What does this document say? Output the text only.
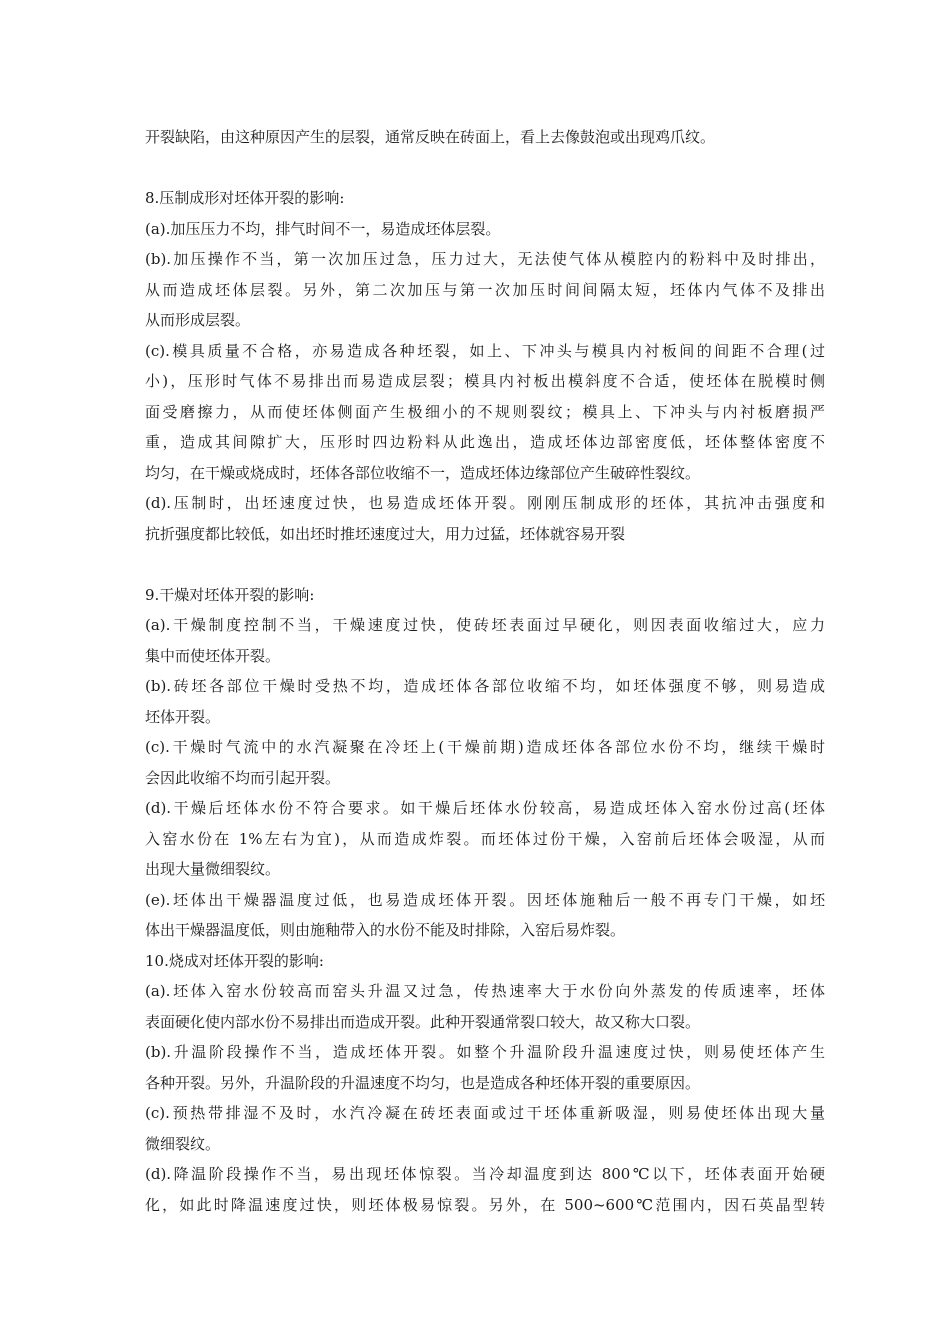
开裂缺陷，由这种原因产生的层裂，通常反映在砖面上，看上去像鼓泡或出现鸡爪纹。
8.压制成形对坯体开裂的影响:
(a).加压压力不均，排气时间不一，易造成坯体层裂。
(b).加压操作不当，第一次加压过急，压力过大，无法使气体从模腔内的粉料中及时排出，
从而造成坯体层裂。另外，第二次加压与第一次加压时间间隔太短，坯体内气体不及排出
从而形成层裂。
(c).模具质量不合格，亦易造成各种坯裂，如上、下冲头与模具内衬板间的间距不合理(过
小)，压形时气体不易排出而易造成层裂；模具内衬板出模斜度不合适，使坯体在脱模时侧
面受磨擦力，从而使坯体侧面产生极细小的不规则裂纹；模具上、下冲头与内衬板磨损严
重，造成其间隙扩大，压形时四边粉料从此逸出，造成坯体边部密度低，坯体整体密度不
均匀，在干燥或烧成时，坯体各部位收缩不一，造成坯体边缘部位产生破碎性裂纹。
(d).压制时，出坯速度过快，也易造成坯体开裂。刚刚压制成形的坯体，其抗冲击强度和
抗折强度都比较低，如出坯时推坯速度过大，用力过猛，坯体就容易开裂
9.干燥对坯体开裂的影响:
(a).干燥制度控制不当，干燥速度过快，使砖坯表面过早硬化，则因表面收缩过大，应力
集中而使坯体开裂。
(b).砖坯各部位干燥时受热不均，造成坯体各部位收缩不均，如坯体强度不够，则易造成
坯体开裂。
(c).干燥时气流中的水汽凝聚在冷坯上(干燥前期)造成坯体各部位水份不均，继续干燥时
会因此收缩不均而引起开裂。
(d).干燥后坯体水份不符合要求。如干燥后坯体水份较高，易造成坯体入窑水份过高(坯体
入窑水份在 1%左右为宜)，从而造成炸裂。而坯体过份干燥，入窑前后坯体会吸湿，从而
出现大量微细裂纹。
(e).坯体出干燥器温度过低，也易造成坯体开裂。因坯体施釉后一般不再专门干燥，如坯
体出干燥器温度低，则由施釉带入的水份不能及时排除，入窑后易炸裂。
10.烧成对坯体开裂的影响:
(a).坯体入窑水份较高而窑头升温又过急，传热速率大于水份向外蒸发的传质速率，坯体
表面硬化使内部水份不易排出而造成开裂。此种开裂通常裂口较大，故又称大口裂。
(b).升温阶段操作不当，造成坯体开裂。如整个升温阶段升温速度过快，则易使坯体产生
各种开裂。另外，升温阶段的升温速度不均匀，也是造成各种坯体开裂的重要原因。
(c).预热带排湿不及时，水汽冷凝在砖坯表面或过干坯体重新吸湿，则易使坯体出现大量
微细裂纹。
(d).降温阶段操作不当，易出现坯体惊裂。当冷却温度到达 800℃以下，坯体表面开始硬
化，如此时降温速度过快，则坯体极易惊裂。另外，在 500~600℃范围内，因石英晶型转
